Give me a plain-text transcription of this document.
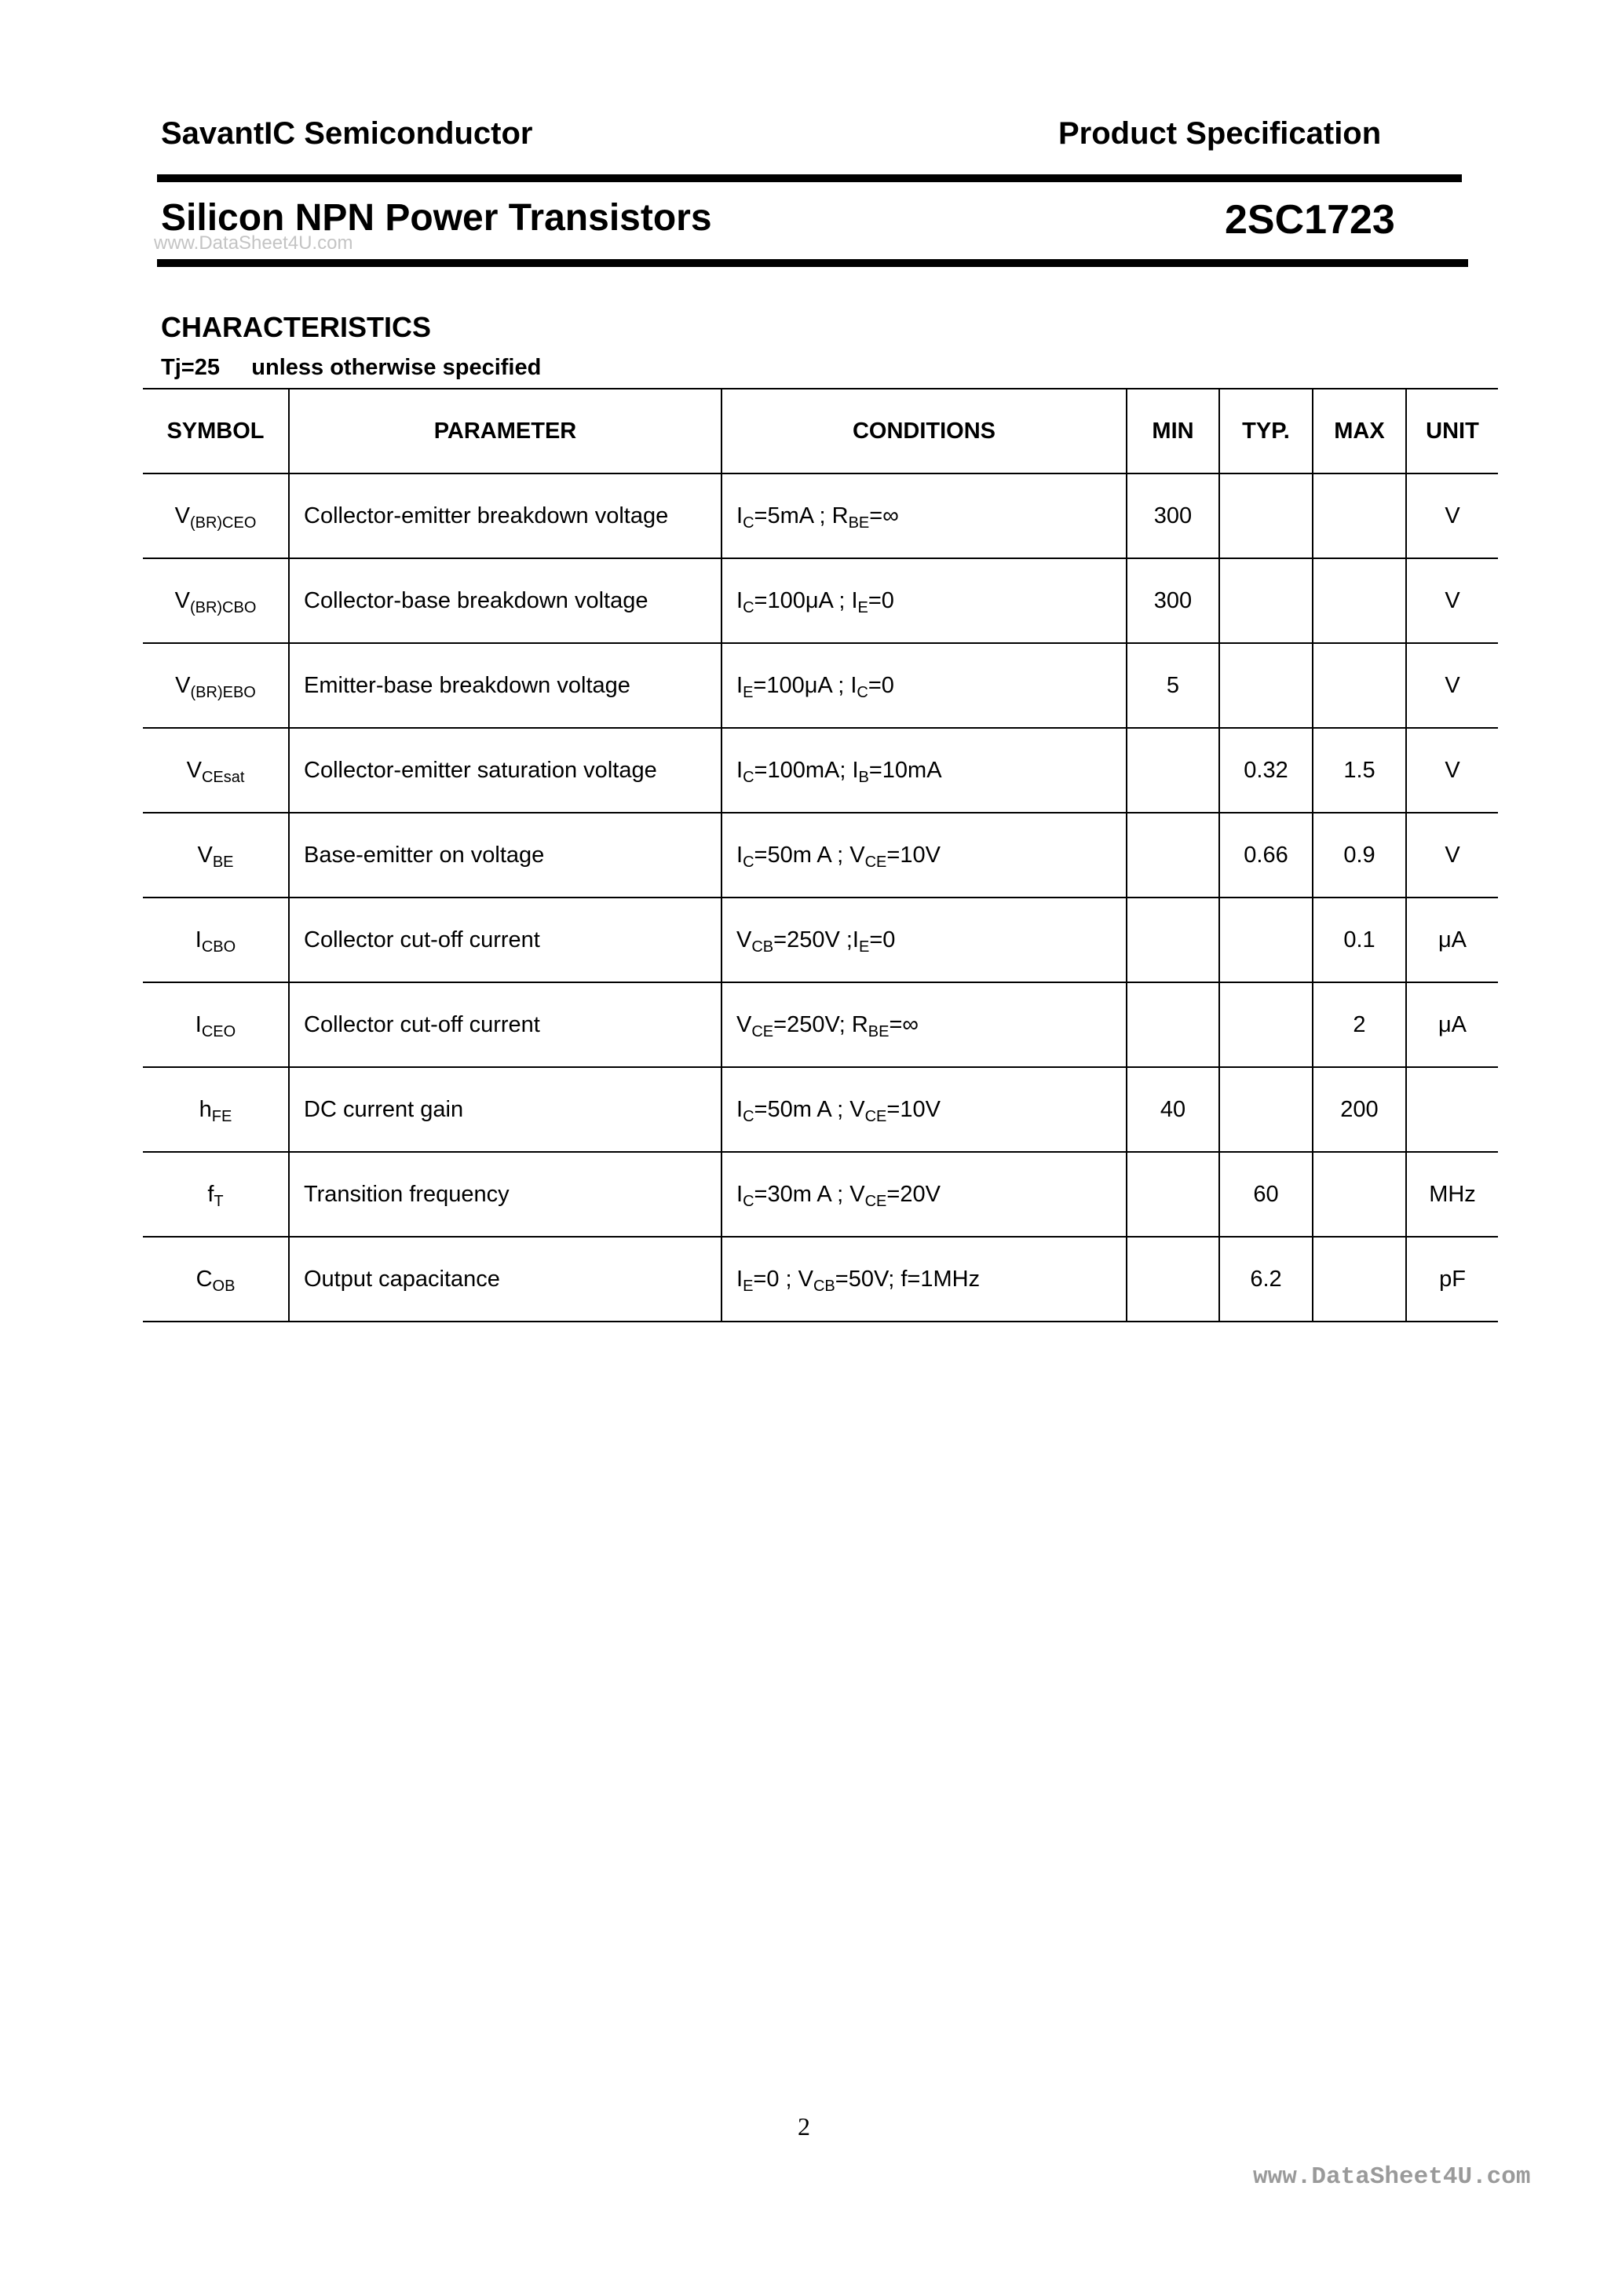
SavantIC Semiconductor	Product Specification
Silicon NPN Power Transistors	2SC1723
www.DataSheet4U.com
CHARACTERISTICS
Tj=25 unless otherwise specified
SYMBOL	PARAMETER	CONDITIONS	MIN	TYP.	MAX	UNIT
$V_{(BR)CEO}$	Collector-emitter breakdown voltage	$I_C=5mA$ ; $R_{BE}=\infty$	300			V
$V_{(BR)CBO}$	Collector-base breakdown voltage	$I_C=100\mu A$ ; $I_E=0$	300			V
$V_{(BR)EBO}$	Emitter-base breakdown voltage	$I_E=100\mu A$ ; $I_C=0$	5			V
$V_{CEsat}$	Collector-emitter saturation voltage	$I_C=100mA$; $I_B=10mA$		0.32	1.5	V
$V_{BE}$	Base-emitter on voltage	$I_C=50m$ A ; $V_{CE}=10V$		0.66	0.9	V
$I_{CBO}$	Collector cut-off current	$V_{CB}=250V$ $;I_E=0$			0.1	μA
$I_{CEO}$	Collector cut-off current	$V_{CE}=250V$; $R_{BE}=\infty$			2	μA
$h_{FE}$	DC current gain	$I_C=50m$ A ; $V_{CE}=10V$	40		200	
$f_T$	Transition frequency	$I_C=30m$ A ; $V_{CE}=20V$		60		MHz
$C_{OB}$	Output capacitance	$I_E=0$ ; $V_{CB}=50V$; f=1MHz		6.2		pF
2
www.DataSheet4U.com
